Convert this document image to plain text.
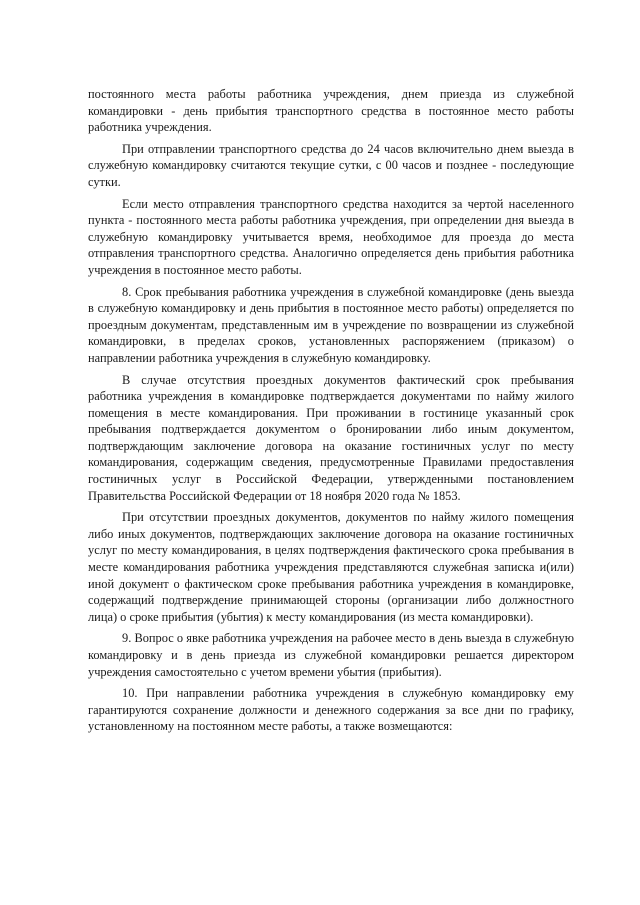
постоянного места работы работника учреждения, днем приезда из служебной командировки - день прибытия транспортного средства в постоянное место работы работника учреждения.

При отправлении транспортного средства до 24 часов включительно днем выезда в служебную командировку считаются текущие сутки, с 00 часов и позднее - последующие сутки.

Если место отправления транспортного средства находится за чертой населенного пункта - постоянного места работы работника учреждения, при определении дня выезда в служебную командировку учитывается время, необходимое для проезда до места отправления транспортного средства. Аналогично определяется день прибытия работника учреждения в постоянное место работы.

8. Срок пребывания работника учреждения в служебной командировке (день выезда в служебную командировку и день прибытия в постоянное место работы) определяется по проездным документам, представленным им в учреждение по возвращении из служебной командировки, в пределах сроков, установленных распоряжением (приказом) о направлении работника учреждения в служебную командировку.

В случае отсутствия проездных документов фактический срок пребывания работника учреждения в командировке подтверждается документами по найму жилого помещения в месте командирования. При проживании в гостинице указанный срок пребывания подтверждается документом о бронировании либо иным документом, подтверждающим заключение договора на оказание гостиничных услуг по месту командирования, содержащим сведения, предусмотренные Правилами предоставления гостиничных услуг в Российской Федерации, утвержденными постановлением Правительства Российской Федерации от 18 ноября 2020 года № 1853.

При отсутствии проездных документов, документов по найму жилого помещения либо иных документов, подтверждающих заключение договора на оказание гостиничных услуг по месту командирования, в целях подтверждения фактического срока пребывания в месте командирования работника учреждения представляются служебная записка и(или) иной документ о фактическом сроке пребывания работника учреждения в командировке, содержащий подтверждение принимающей стороны (организации либо должностного лица) о сроке прибытия (убытия) к месту командирования (из места командировки).

9. Вопрос о явке работника учреждения на рабочее место в день выезда в служебную командировку и в день приезда из служебной командировки решается директором учреждения самостоятельно с учетом времени убытия (прибытия).

10. При направлении работника учреждения в служебную командировку ему гарантируются сохранение должности и денежного содержания за все дни по графику, установленному на постоянном месте работы, а также возмещаются:
